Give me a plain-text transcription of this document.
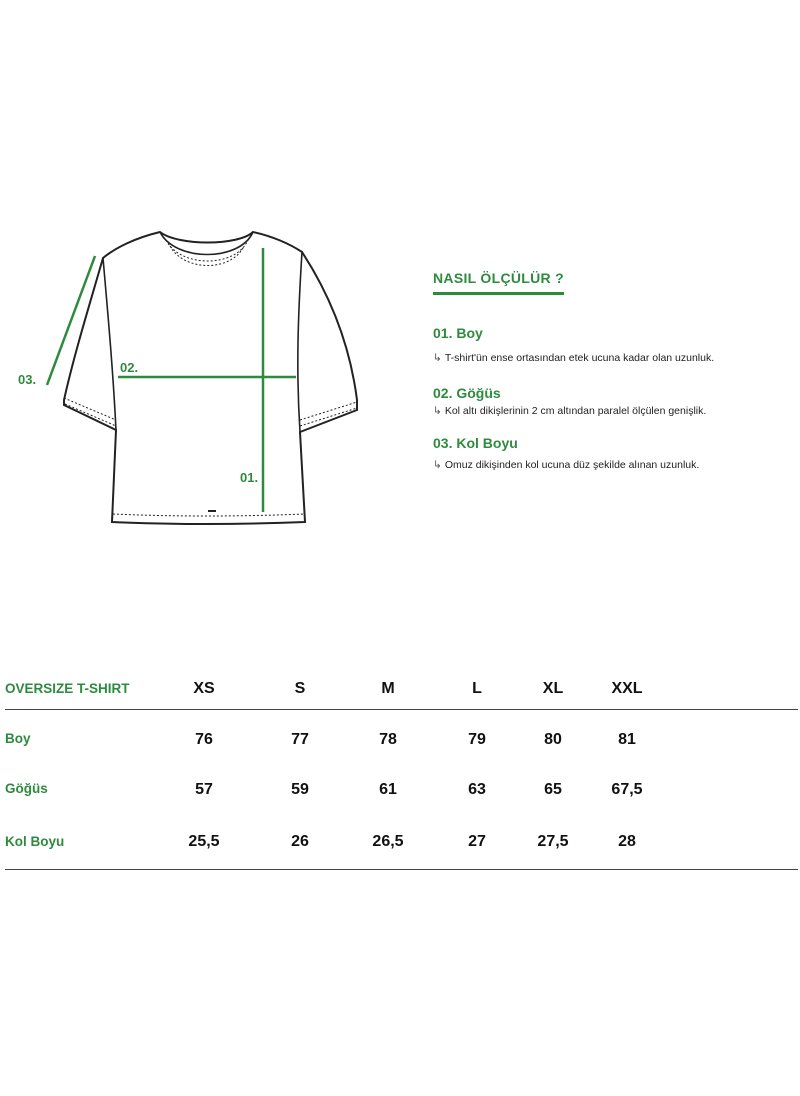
01.
02.
03.
NASIL ÖLÇÜLÜR ?
01. Boy
↳ T-shirt'ün ense ortasından etek ucuna kadar olan uzunluk.
02. Göğüs
↳ Kol altı dikişlerinin 2 cm altından paralel ölçülen genişlik.
03. Kol Boyu
↳ Omuz dikişinden kol ucuna düz şekilde alınan uzunluk.
OVERSIZE T-SHIRT	XS	S	M	L	XL	XXL
Boy	76	77	78	79	80	81
Göğüs	57	59	61	63	65	67,5
Kol Boyu	25,5	26	26,5	27	27,5	28
